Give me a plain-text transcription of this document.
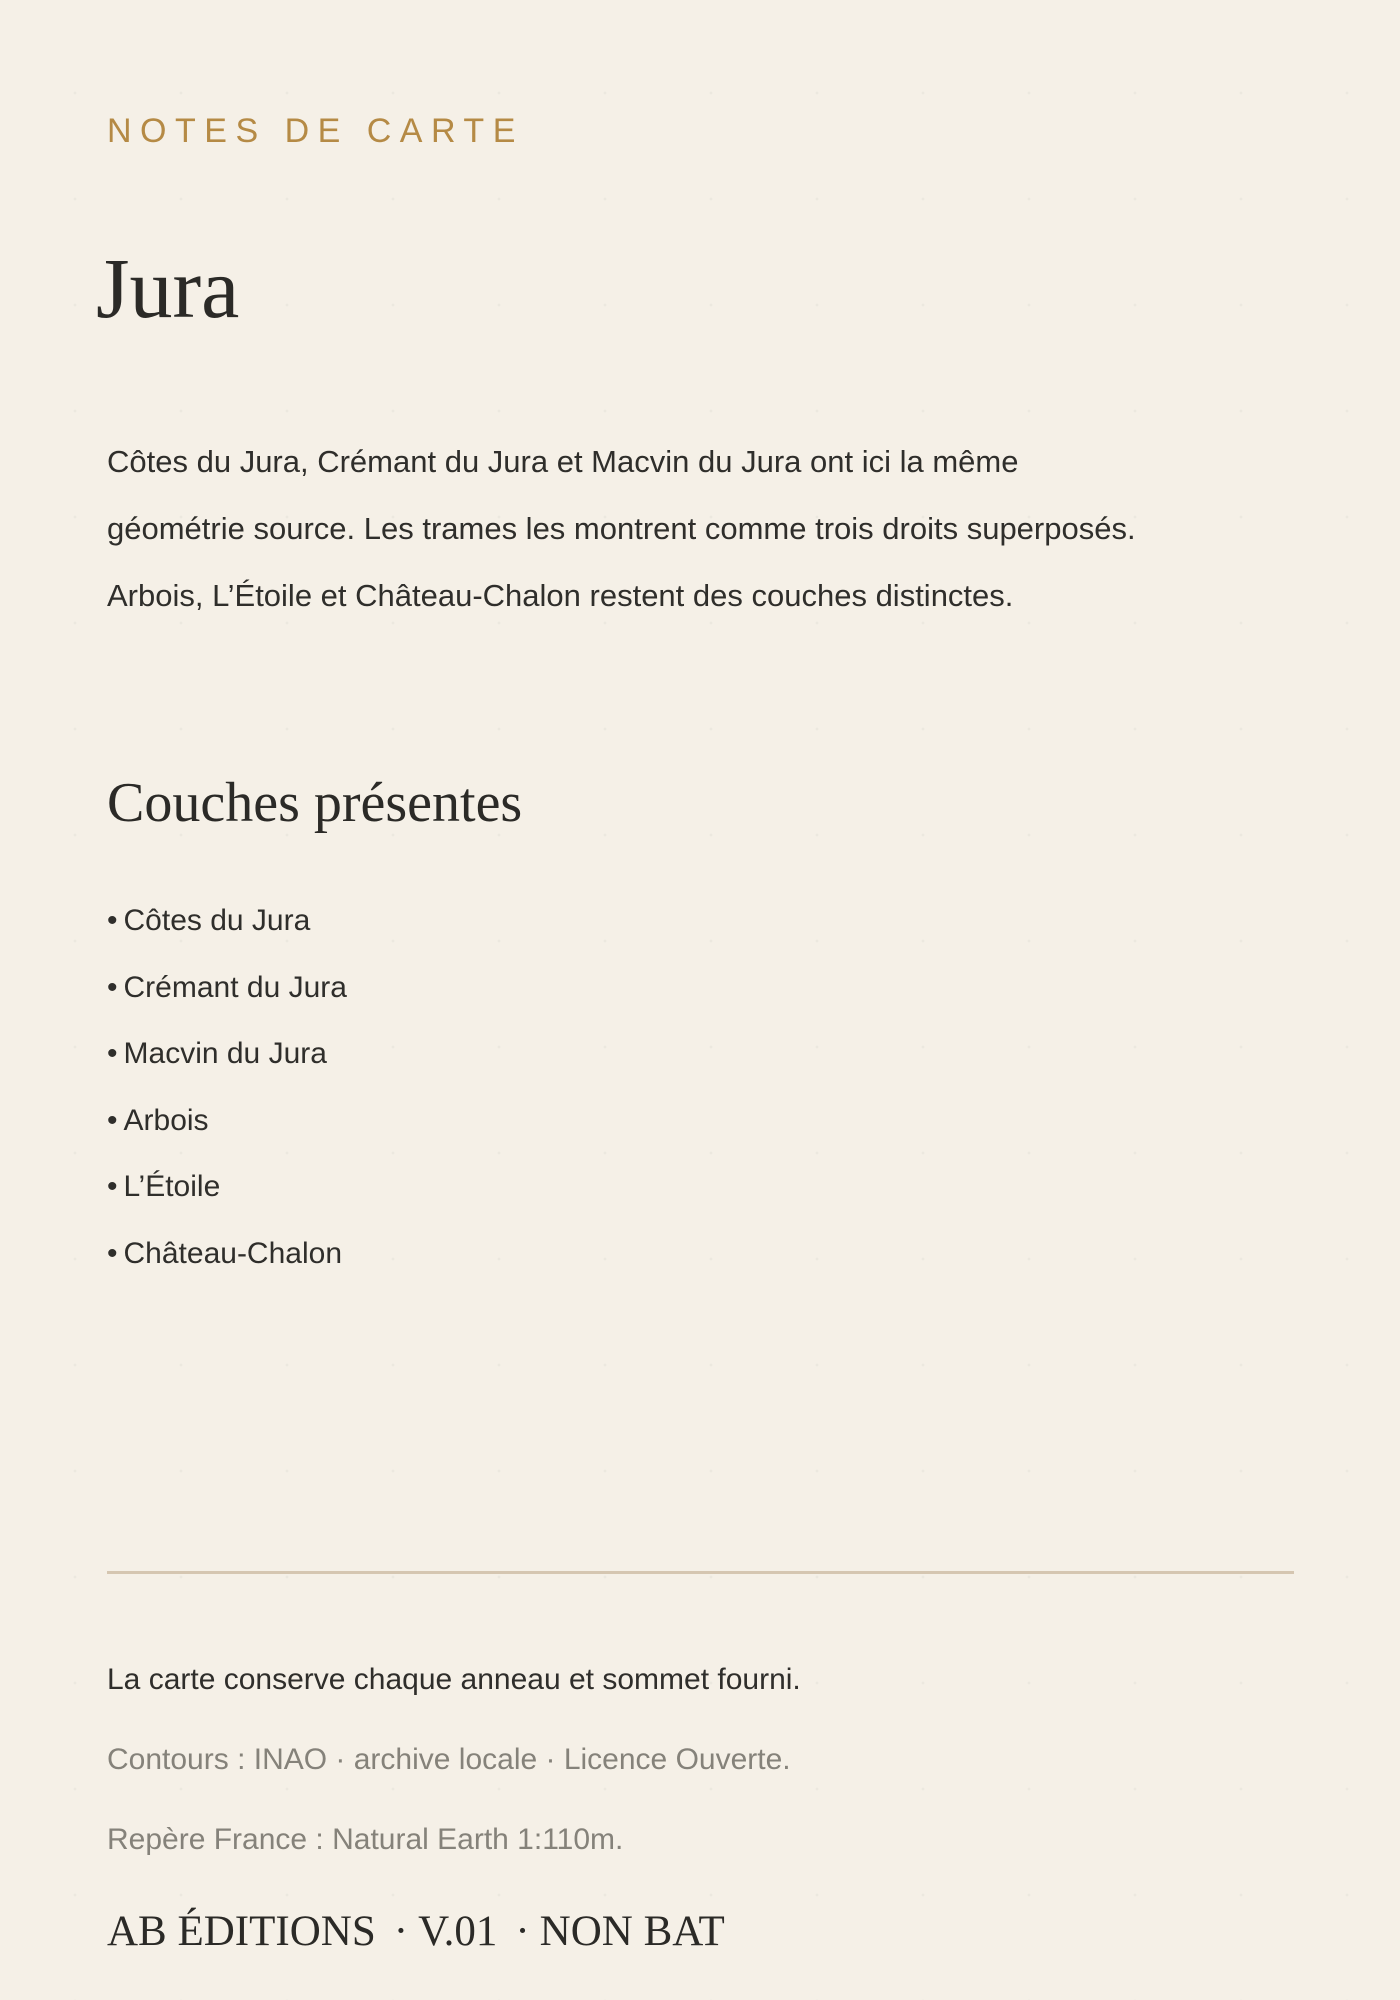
NOTES DE CARTE

Jura

Côtes du Jura, Crémant du Jura et Macvin du Jura ont ici la même géométrie source. Les trames les montrent comme trois droits superposés. Arbois, L’Étoile et Château-Chalon restent des couches distinctes.

Couches présentes
• Côtes du Jura
• Crémant du Jura
• Macvin du Jura
• Arbois
• L’Étoile
• Château-Chalon

La carte conserve chaque anneau et sommet fourni.

Contours : INAO · archive locale · Licence Ouverte.

Repère France : Natural Earth 1:110m.

AB ÉDITIONS · V.01 · NON BAT
